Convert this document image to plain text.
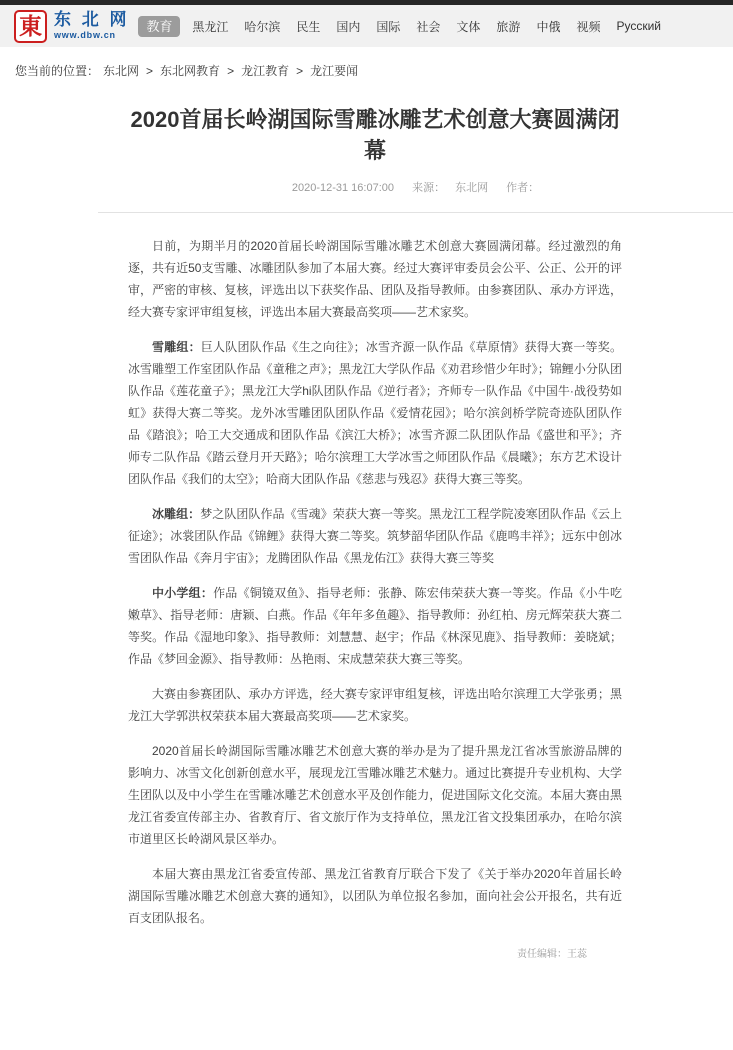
東 东 北 网
www.dbw.cn
教育	黑龙江 哈尔滨 民生 国内 国际 社会 文体 旅游 中俄 视频 Русский
您当前的位置： 东北网 > 东北网教育 > 龙江教育 > 龙江要闻
2020首届长岭湖国际雪雕冰雕艺术创意大赛圆满闭幕
2020-12-31 16:07:00 来源： 东北网 作者：

日前，为期半月的2020首届长岭湖国际雪雕冰雕艺术创意大赛圆满闭幕。经过激烈的角逐，共有近50支雪雕、冰雕团队参加了本届大赛。经过大赛评审委员会公平、公正、公开的评审，严密的审核、复核，评选出以下获奖作品、团队及指导教师。由参赛团队、承办方评选，经大赛专家评审组复核，评选出本届大赛最高奖项——艺术家奖。

雪雕组：巨人队团队作品《生之向往》；冰雪齐源一队作品《草原情》获得大赛一等奖。冰雪雕塑工作室团队作品《童稚之声》；黑龙江大学队作品《劝君珍惜少年时》；锦鲤小分队团队作品《莲花童子》；黑龙江大学hi队团队作品《逆行者》；齐师专一队作品《中国牛·战役势如虹》获得大赛二等奖。龙外冰雪雕团队团队作品《爱情花园》；哈尔滨剑桥学院奇迹队团队作品《踏浪》；哈工大交通成和团队作品《滨江大桥》；冰雪齐源二队团队作品《盛世和平》；齐师专二队作品《踏云登月开天路》；哈尔滨理工大学冰雪之师团队作品《晨曦》；东方艺术设计团队作品《我们的太空》；哈商大团队作品《慈悲与残忍》获得大赛三等奖。

冰雕组：梦之队团队作品《雪魂》荣获大赛一等奖。黑龙江工程学院凌寒团队作品《云上征途》；冰裳团队作品《锦鲤》获得大赛二等奖。筑梦韶华团队作品《鹿鸣丰祥》；远东中创冰雪团队作品《奔月宇宙》；龙腾团队作品《黑龙佑江》获得大赛三等奖

中小学组：作品《铜镜双鱼》、指导老师：张静、陈宏伟荣获大赛一等奖。作品《小牛吃嫩草》、指导老师：唐颖、白燕。作品《年年多鱼趣》、指导教师：孙红柏、房元辉荣获大赛二等奖。作品《湿地印象》、指导教师：刘慧慧、赵宇；作品《林深见鹿》、指导教师：姜晓斌；作品《梦回金源》、指导教师：丛艳雨、宋成慧荣获大赛三等奖。

大赛由参赛团队、承办方评选，经大赛专家评审组复核，评选出哈尔滨理工大学张勇；黑龙江大学郭洪权荣获本届大赛最高奖项——艺术家奖。

2020首届长岭湖国际雪雕冰雕艺术创意大赛的举办是为了提升黑龙江省冰雪旅游品牌的影响力、冰雪文化创新创意水平，展现龙江雪雕冰雕艺术魅力。通过比赛提升专业机构、大学生团队以及中小学生在雪雕冰雕艺术创意水平及创作能力，促进国际文化交流。本届大赛由黑龙江省委宣传部主办、省教育厅、省文旅厅作为支持单位，黑龙江省文投集团承办，在哈尔滨市道里区长岭湖风景区举办。

本届大赛由黑龙江省委宣传部、黑龙江省教育厅联合下发了《关于举办2020年首届长岭湖国际雪雕冰雕艺术创意大赛的通知》，以团队为单位报名参加，面向社会公开报名，共有近百支团队报名。

责任编辑：王蕊
